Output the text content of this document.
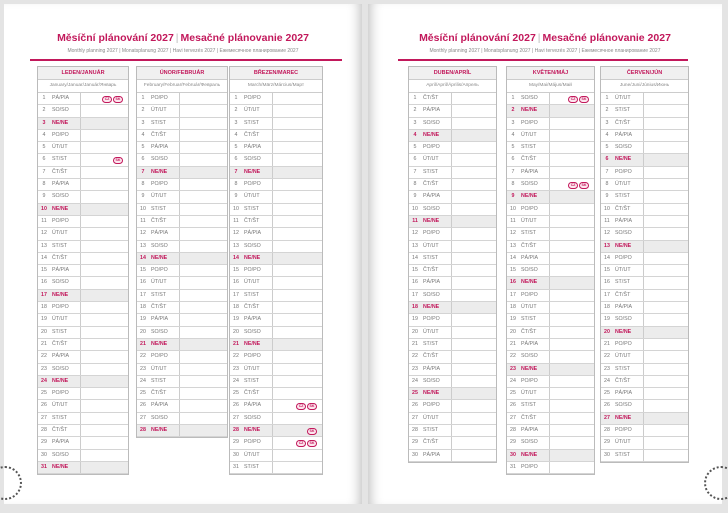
Měsíční plánování 2027 | Mesačné plánovanie 2027
Monthly planning 2027 | Monatsplanung 2027 | Havi tervezés 2027 | Ежемесячное планирование 2027
LEDEN/JANUÁR
January/Januar/Január/Январь
1	PÁ/PIA	CZ	SK
2	SO/SO
3	NE/NE
4	PO/PO
5	ÚT/UT
6	ST/ST	SK
7	ČT/ŠT
8	PÁ/PIA
9	SO/SO
10 NE/NE
11 PO/PO
12 ÚT/UT
13 ST/ST
14 ČT/ŠT
15 PÁ/PIA
16 SO/SO
17 NE/NE
18 PO/PO
19 ÚT/UT
20 ST/ST
21 ČT/ŠT
22 PÁ/PIA
23 SO/SO
24 NE/NE
25 PO/PO
26 ÚT/UT
27 ST/ST
28 ČT/ŠT
29 PÁ/PIA
30 SO/SO
31 NE/NE
ÚNOR/FEBRUÁR
February/Februar/Február/Февраль
1	PO/PO
2	ÚT/UT
3	ST/ST
4	ČT/ŠT
5	PÁ/PIA
6	SO/SO
7	NE/NE
8	PO/PO
9	ÚT/UT
10 ST/ST
11 ČT/ŠT
12 PÁ/PIA
13 SO/SO
14 NE/NE
15 PO/PO
16 ÚT/UT
17 ST/ST
18 ČT/ŠT
19 PÁ/PIA
20 SO/SO
21 NE/NE
22 PO/PO
23 ÚT/UT
24 ST/ST
25 ČT/ŠT
26 PÁ/PIA
27 SO/SO
28 NE/NE
BŘEZEN/MAREC
March/März/Március/Март
1	PO/PO
2	ÚT/UT
3	ST/ST
4	ČT/ŠT
5	PÁ/PIA
6	SO/SO
7	NE/NE
8	PO/PO
9	ÚT/UT
10 ST/ST
11 ČT/ŠT
12 PÁ/PIA
13 SO/SO
14 NE/NE
15 PO/PO
16 ÚT/UT
17 ST/ST
18 ČT/ŠT
19 PÁ/PIA
20 SO/SO
21 NE/NE
22 PO/PO
23 ÚT/UT
24 ST/ST
25 ČT/ŠT
26 PÁ/PIA	CZ	SK
27 SO/SO
28 NE/NE	SK
29 PO/PO	CZ	SK
30 ÚT/UT
31 ST/ST
Měsíční plánování 2027 | Mesačné plánovanie 2027
Monthly planning 2027 | Monatsplanung 2027 | Havi tervezés 2027 | Ежемесячное планирование 2027
DUBEN/APRÍL
April/April/Április/Апрель
1	ČT/ŠT
2	PÁ/PIA
3	SO/SO
4	NE/NE
5	PO/PO
6	ÚT/UT
7	ST/ST
8	ČT/ŠT
9	PÁ/PIA
10 SO/SO
11 NE/NE
12 PO/PO
13 ÚT/UT
14 ST/ST
15 ČT/ŠT
16 PÁ/PIA
17 SO/SO
18 NE/NE
19 PO/PO
20 ÚT/UT
21 ST/ST
22 ČT/ŠT
23 PÁ/PIA
24 SO/SO
25 NE/NE
26 PO/PO
27 ÚT/UT
28 ST/ST
29 ČT/ŠT
30 PÁ/PIA
KVĚTEN/MÁJ
May/Mai/Május/Май
1	SO/SO	CZ	SK
2	NE/NE
3	PO/PO
4	ÚT/UT
5	ST/ST
6	ČT/ŠT
7	PÁ/PIA
8	SO/SO	CZ	SK
9	NE/NE
10 PO/PO
11 ÚT/UT
12 ST/ST
13 ČT/ŠT
14 PÁ/PIA
15 SO/SO
16 NE/NE
17 PO/PO
18 ÚT/UT
19 ST/ST
20 ČT/ŠT
21 PÁ/PIA
22 SO/SO
23 NE/NE
24 PO/PO
25 ÚT/UT
26 ST/ST
27 ČT/ŠT
28 PÁ/PIA
29 SO/SO
30 NE/NE
31 PO/PO
ČERVEN/JÚN
June/Juni/Június/Июнь
1	ÚT/UT
2	ST/ST
3	ČT/ŠT
4	PÁ/PIA
5	SO/SO
6	NE/NE
7	PO/PO
8	ÚT/UT
9	ST/ST
10 ČT/ŠT
11 PÁ/PIA
12 SO/SO
13 NE/NE
14 PO/PO
15 ÚT/UT
16 ST/ST
17 ČT/ŠT
18 PÁ/PIA
19 SO/SO
20 NE/NE
21 PO/PO
22 ÚT/UT
23 ST/ST
24 ČT/ŠT
25 PÁ/PIA
26 SO/SO
27 NE/NE
28 PO/PO
29 ÚT/UT
30 ST/ST
